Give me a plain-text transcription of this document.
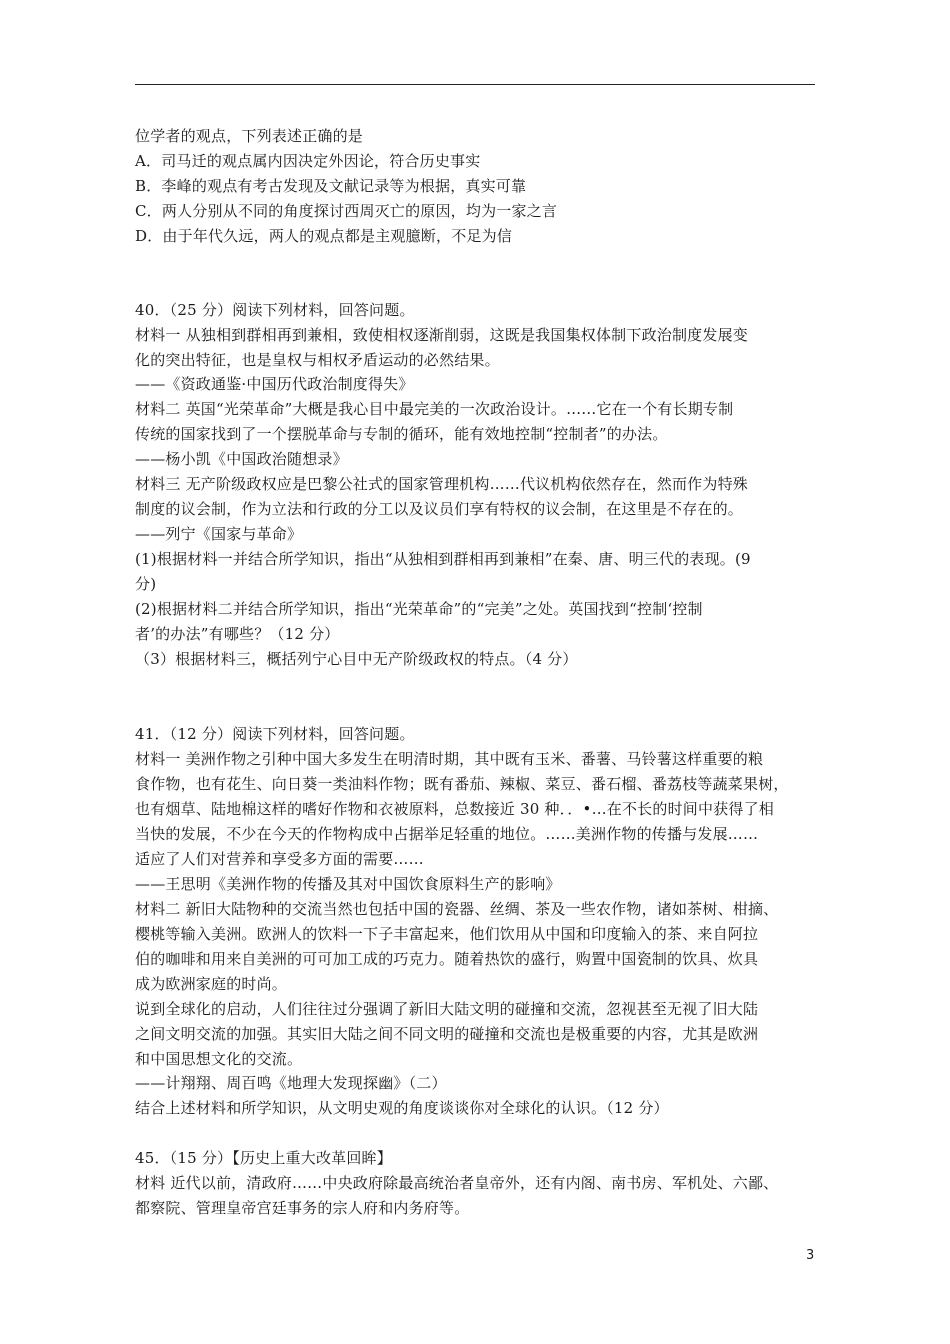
位学者的观点，下列表述正确的是
A．司马迁的观点属内因决定外因论，符合历史事实
B．李峰的观点有考古发现及文献记录等为根据，真实可靠
C．两人分别从不同的角度探讨西周灭亡的原因，均为一家之言
D．由于年代久远，两人的观点都是主观臆断，不足为信
40．（25 分）阅读下列材料，回答问题。
材料一 从独相到群相再到兼相，致使相权逐渐削弱，这既是我国集权体制下政治制度发展变
化的突出特征，也是皇权与相权矛盾运动的必然结果。
——《资政通鉴·中国历代政治制度得失》
材料二 英国“光荣革命”大概是我心目中最完美的一次政治设计。……它在一个有长期专制
传统的国家找到了一个摆脱革命与专制的循环，能有效地控制“控制者”的办法。
——杨小凯《中国政治随想录》
材料三 无产阶级政权应是巴黎公社式的国家管理机构……代议机构依然存在，然而作为特殊
制度的议会制，作为立法和行政的分工以及议员们享有特权的议会制，在这里是不存在的。
——列宁《国家与革命》
(1)根据材料一并结合所学知识，指出“从独相到群相再到兼相”在秦、唐、明三代的表现。(9
分)
(2)根据材料二并结合所学知识，指出“光荣革命”的“完美”之处。英国找到“控制‘控制
者’的办法”有哪些？（12 分）
（3）根据材料三，概括列宁心目中无产阶级政权的特点。（4 分）
41．（12 分）阅读下列材料，回答问题。
材料一 美洲作物之引种中国大多发生在明清时期，其中既有玉米、番薯、马铃薯这样重要的粮
食作物，也有花生、向日葵一类油料作物；既有番茄、辣椒、菜豆、番石榴、番荔枝等蔬菜果树，
也有烟草、陆地棉这样的嗜好作物和衣被原料，总数接近 30 种．．•…在不长的时间中获得了相
当快的发展，不少在今天的作物构成中占据举足轻重的地位。……美洲作物的传播与发展……
适应了人们对营养和享受多方面的需要……
——王思明《美洲作物的传播及其对中国饮食原料生产的影响》
材料二 新旧大陆物种的交流当然也包括中国的瓷器、丝绸、茶及一些农作物，诸如茶树、柑摘、
樱桃等输入美洲。欧洲人的饮料一下子丰富起来，他们饮用从中国和印度输入的茶、来自阿拉
伯的咖啡和用来自美洲的可可加工成的巧克力。随着热饮的盛行，购置中国瓷制的饮具、炊具
成为欧洲家庭的时尚。
说到全球化的启动，人们往往过分强调了新旧大陆文明的碰撞和交流，忽视甚至无视了旧大陆
之间文明交流的加强。其实旧大陆之间不同文明的碰撞和交流也是极重要的内容，尤其是欧洲
和中国思想文化的交流。
——计翔翔、周百鸣《地理大发现探幽》（二）
结合上述材料和所学知识，从文明史观的角度谈谈你对全球化的认识。（12 分）
45．（15 分）【历史上重大改革回眸】
材料 近代以前，清政府……中央政府除最高统治者皇帝外，还有内阁、南书房、军机处、六鄙、
都察院、管理皇帝宫廷事务的宗人府和内务府等。
3
